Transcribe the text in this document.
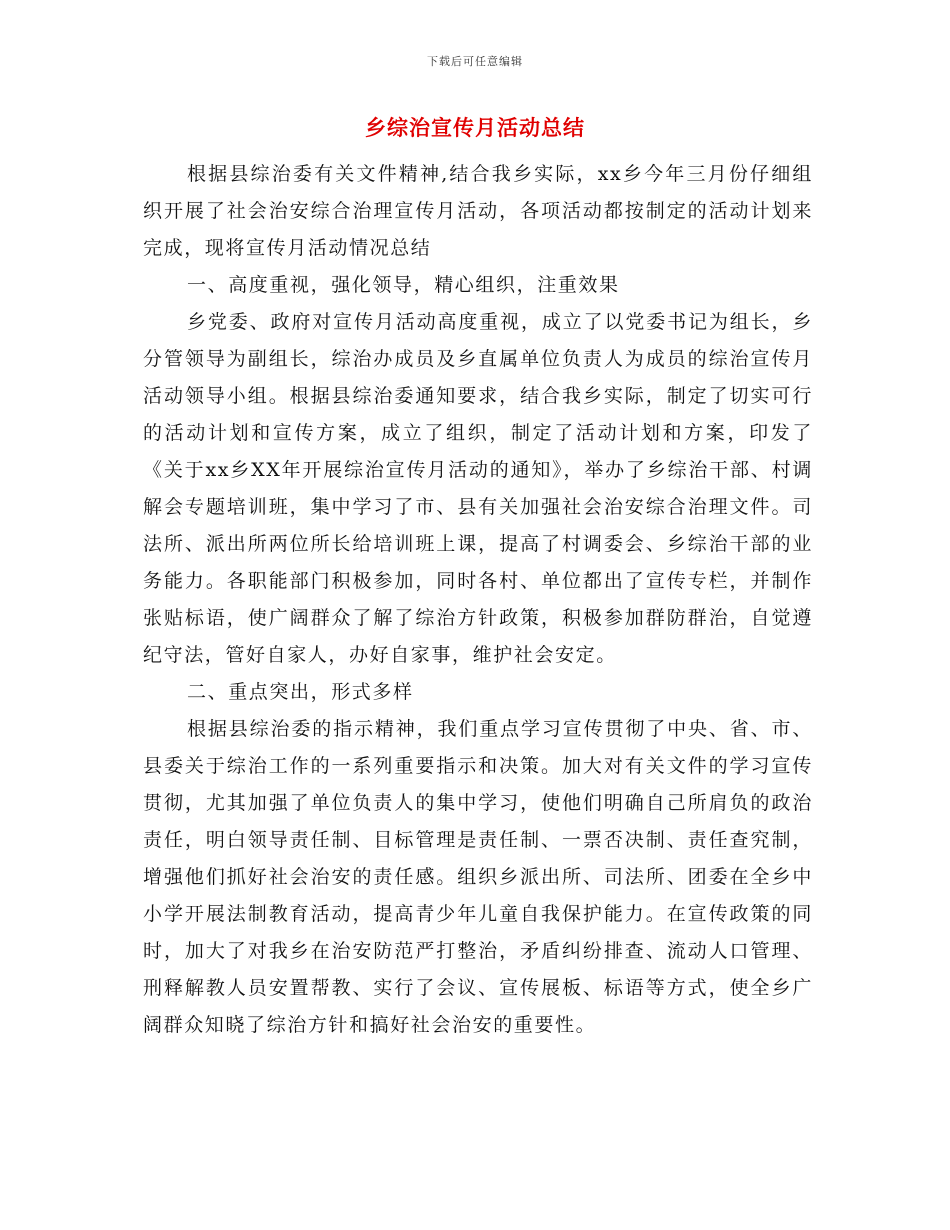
下载后可任意编辑
乡综治宣传月活动总结

根据县综治委有关文件精神,结合我乡实际，xx乡今年三月份仔细组织开展了社会治安综合治理宣传月活动，各项活动都按制定的活动计划来完成，现将宣传月活动情况总结

一、高度重视，强化领导，精心组织，注重效果

乡党委、政府对宣传月活动高度重视，成立了以党委书记为组长，乡分管领导为副组长，综治办成员及乡直属单位负责人为成员的综治宣传月活动领导小组。根据县综治委通知要求，结合我乡实际，制定了切实可行的活动计划和宣传方案，成立了组织，制定了活动计划和方案，印发了《关于xx乡XX年开展综治宣传月活动的通知》，举办了乡综治干部、村调解会专题培训班，集中学习了市、县有关加强社会治安综合治理文件。司法所、派出所两位所长给培训班上课，提高了村调委会、乡综治干部的业务能力。各职能部门积极参加，同时各村、单位都出了宣传专栏，并制作张贴标语，使广阔群众了解了综治方针政策，积极参加群防群治，自觉遵纪守法，管好自家人，办好自家事，维护社会安定。

二、重点突出，形式多样

根据县综治委的指示精神，我们重点学习宣传贯彻了中央、省、市、县委关于综治工作的一系列重要指示和决策。加大对有关文件的学习宣传贯彻，尤其加强了单位负责人的集中学习，使他们明确自己所肩负的政治责任，明白领导责任制、目标管理是责任制、一票否决制、责任查究制，增强他们抓好社会治安的责任感。组织乡派出所、司法所、团委在全乡中小学开展法制教育活动，提高青少年儿童自我保护能力。在宣传政策的同时，加大了对我乡在治安防范严打整治，矛盾纠纷排查、流动人口管理、刑释解教人员安置帮教、实行了会议、宣传展板、标语等方式，使全乡广阔群众知晓了综治方针和搞好社会治安的重要性。
